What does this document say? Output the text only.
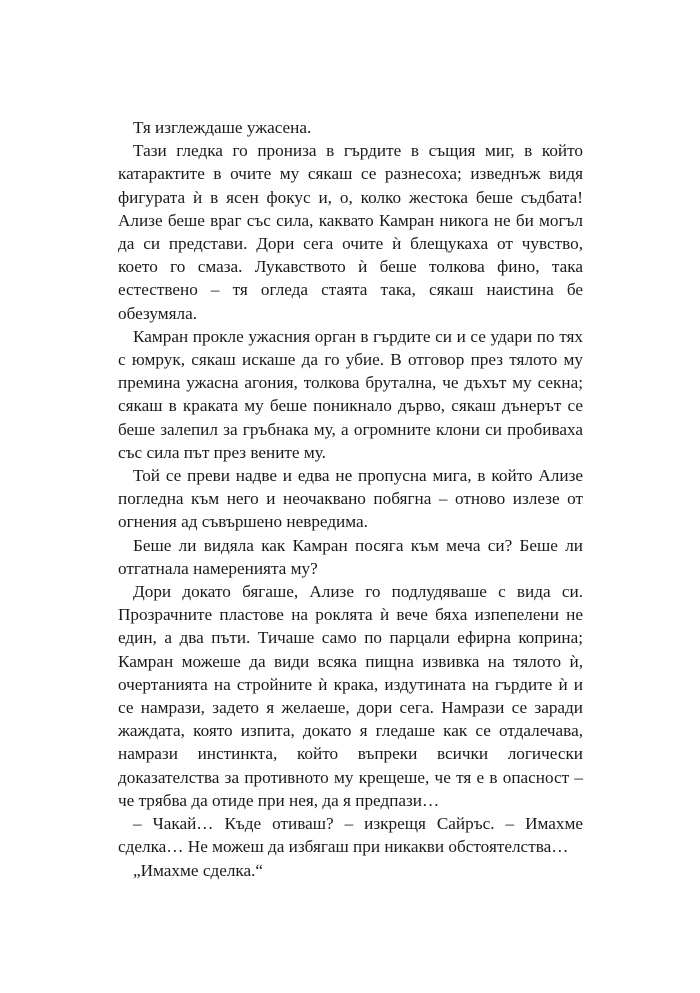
Тя изглеждаше ужасена.

Тази гледка го прониза в гърдите в същия миг, в който катарактите в очите му сякаш се разнесоха; изведнъж видя фигурата ѝ в ясен фокус и, о, колко жестока беше съдбата! Ализе беше враг със сила, каквато Камран никога не би могъл да си представи. Дори сега очите ѝ блещукаха от чувство, което го смаза. Лукавството ѝ беше толкова фино, така естествено – тя огледа стаята така, сякаш наистина бе обезумяла.

Камран прокле ужасния орган в гърдите си и се удари по тях с юмрук, сякаш искаше да го убие. В отговор през тялото му премина ужасна агония, толкова брутална, че дъхът му секна; сякаш в краката му беше поникнало дърво, сякаш дънерът се беше залепил за гръбнака му, а огромните клони си пробиваха със сила път през вените му.

Той се преви надве и едва не пропусна мига, в който Ализе погледна към него и неочаквано побягна – отново излезе от огнения ад съвършено невредима.

Беше ли видяла как Камран посяга към меча си? Беше ли отгатнала намеренията му?

Дори докато бягаше, Ализе го подлудяваше с вида си. Прозрачните пластове на роклята ѝ вече бяха изпепелени не един, а два пъти. Тичаше само по парцали ефирна коприна; Камран можеше да види всяка пищна извивка на тялото ѝ, очертанията на стройните ѝ крака, издутината на гърдите ѝ и се намрази, задето я желаеше, дори сега. Намрази се заради жаждата, която изпита, докато я гледаше как се отдалечава, намрази инстинкта, който въпреки всички логически доказателства за противното му крещеше, че тя е в опасност – че трябва да отиде при нея, да я предпази…

– Чакай… Къде отиваш? – изкрещя Сайръс. – Имахме сделка… Не можеш да избягаш при никакви обстоятелства…

„Имахме сделка.“
